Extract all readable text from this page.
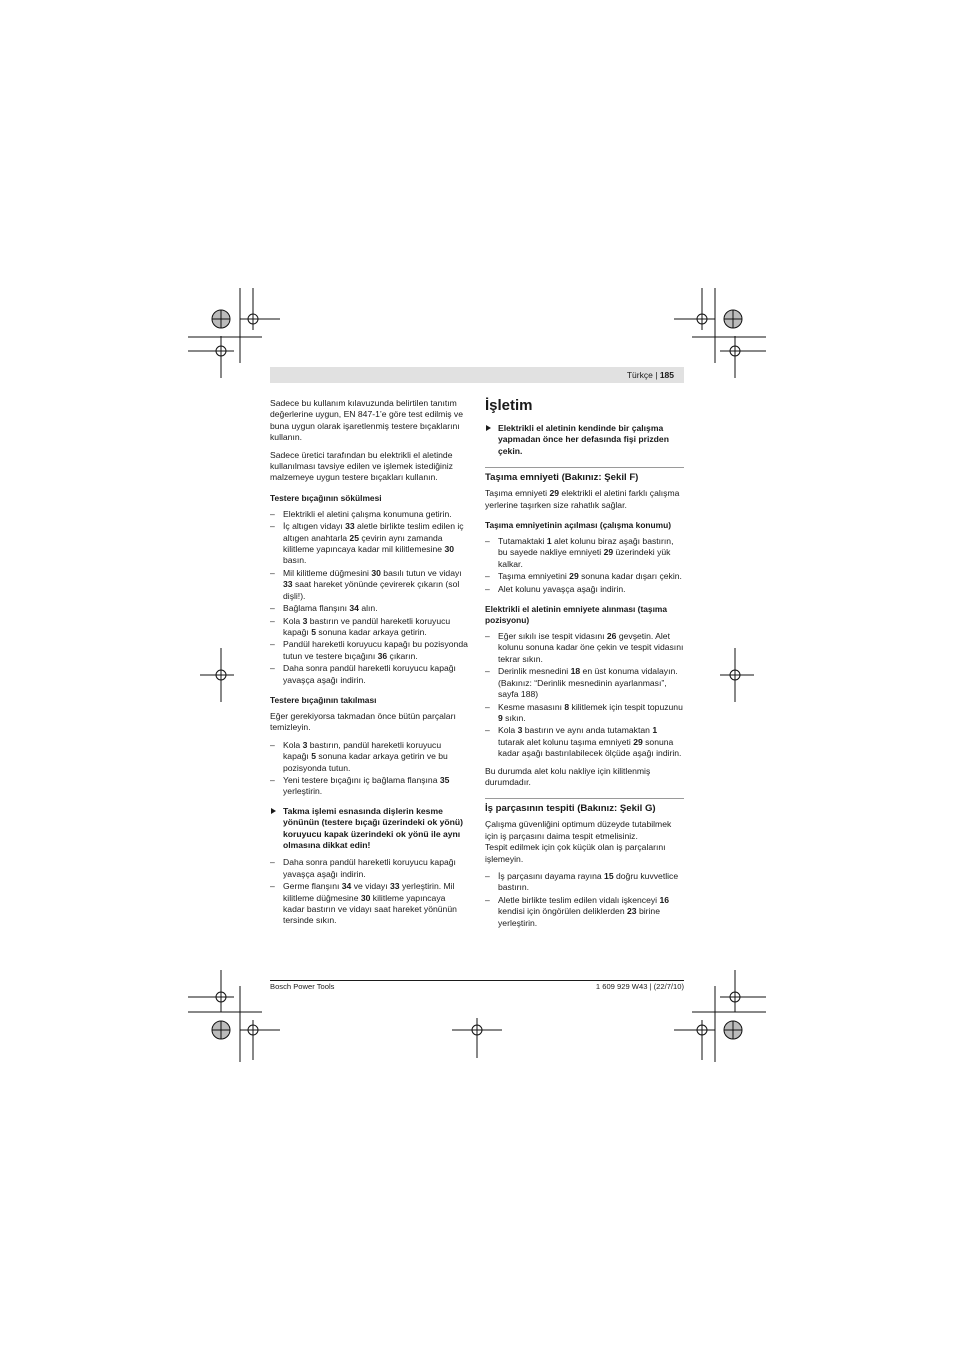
Türkçe | 185

Sadece bu kullanım kılavuzunda belirtilen tanıtım değerlerine uygun, EN 847-1’e göre test edilmiş ve buna uygun olarak işaretlenmiş testere bıçaklarını kullanın.

Sadece üretici tarafından bu elektrikli el aletinde kullanılması tavsiye edilen ve işlemek istediğiniz malzemeye uygun testere bıçakları kullanın.

Testere bıçağının sökülmesi
– Elektrikli el aletini çalışma konumuna getirin.
– İç altıgen vidayı 33 aletle birlikte teslim edilen iç altıgen anahtarla 25 çevirin aynı zamanda kilitleme yapıncaya kadar mil kilitlemesine 30 basın.
– Mil kilitleme düğmesini 30 basılı tutun ve vidayı 33 saat hareket yönünde çevirerek çıkarın (sol dişli!).
– Bağlama flanşını 34 alın.
– Kola 3 bastırın ve pandül hareketli koruyucu kapağı 5 sonuna kadar arkaya getirin.
– Pandül hareketli koruyucu kapağı bu pozisyonda tutun ve testere bıçağını 36 çıkarın.
– Daha sonra pandül hareketli koruyucu kapağı yavaşça aşağı indirin.
Testere bıçağının takılması

Eğer gerekiyorsa takmadan önce bütün parçaları temizleyin.

– Kola 3 bastırın, pandül hareketli koruyucu kapağı 5 sonuna kadar arkaya getirin ve bu pozisyonda tutun.
– Yeni testere bıçağını iç bağlama flanşına 35 yerleştirin.
Takma işlemi esnasında dişlerin kesme yönünün (testere bıçağı üzerindeki ok yönü) koruyucu kapak üzerindeki ok yönü ile aynı olmasına dikkat edin!
– Daha sonra pandül hareketli koruyucu kapağı yavaşça aşağı indirin.
– Germe flanşını 34 ve vidayı 33 yerleştirin. Mil kilitleme düğmesine 30 kilitleme yapıncaya kadar bastırın ve vidayı saat hareket yönünün tersinde sıkın.
İşletim
Elektrikli el aletinin kendinde bir çalışma yapmadan önce her defasında fişi prizden çekin.
Taşıma emniyeti (Bakınız: Şekil F)

Taşıma emniyeti 29 elektrikli el aletini farklı çalışma yerlerine taşırken size rahatlık sağlar.

Taşıma emniyetinin açılması (çalışma konumu)
– Tutamaktaki 1 alet kolunu biraz aşağı bastırın, bu sayede nakliye emniyeti 29 üzerindeki yük kalkar.
– Taşıma emniyetini 29 sonuna kadar dışarı çekin.
– Alet kolunu yavaşça aşağı indirin.
Elektrikli el aletinin emniyete alınması (taşıma pozisyonu)
– Eğer sıkılı ise tespit vidasını 26 gevşetin. Alet kolunu sonuna kadar öne çekin ve tespit vidasını tekrar sıkın.
– Derinlik mesnedini 18 en üst konuma vidalayın. (Bakınız: “Derinlik mesnedinin ayarlanması”, sayfa 188)
– Kesme masasını 8 kilitlemek için tespit topuzunu 9 sıkın.
– Kola 3 bastırın ve aynı anda tutamaktan 1 tutarak alet kolunu taşıma emniyeti 29 sonuna kadar aşağı bastırılabilecek ölçüde aşağı indirin.

Bu durumda alet kolu nakliye için kilitlenmiş durumdadır.

İş parçasının tespiti (Bakınız: Şekil G)

Çalışma güvenliğini optimum düzeyde tutabilmek için iş parçasını daima tespit etmelisiniz.

Tespit edilmek için çok küçük olan iş parçalarını işlemeyin.

– İş parçasını dayama rayına 15 doğru kuvvetlice bastırın.
– Aletle birlikte teslim edilen vidalı işkenceyi 16 kendisi için öngörülen deliklerden 23 birine yerleştirin.
Bosch Power Tools	1 609 929 W43 | (22/7/10)
